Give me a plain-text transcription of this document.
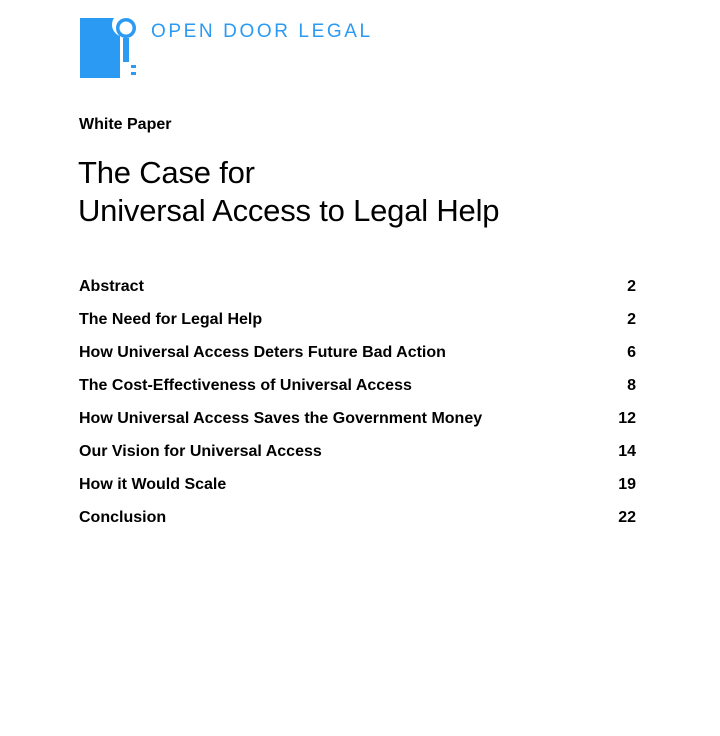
OPEN DOOR LEGAL
White Paper
The Case for
Universal Access to Legal Help
Abstract	2
The Need for Legal Help	2
How Universal Access Deters Future Bad Action	6
The Cost-Effectiveness of Universal Access	8
How Universal Access Saves the Government Money	12
Our Vision for Universal Access	14
How it Would Scale	19
Conclusion	22
